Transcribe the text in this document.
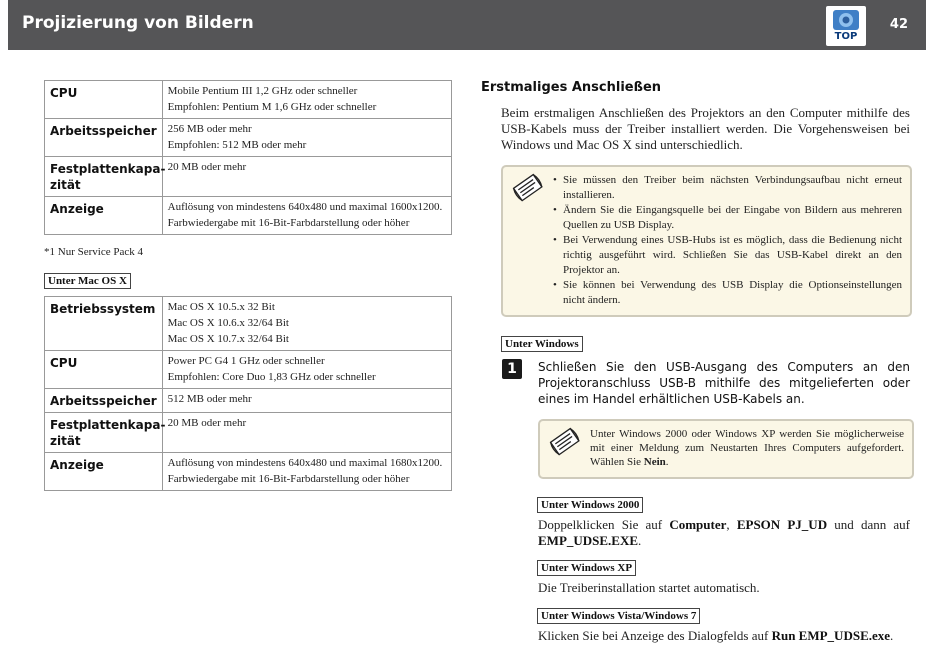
Projizierung von Bildern	42
TOP
CPU	Mobile Pentium III 1,2 GHz oder schneller
Empfohlen: Pentium M 1,6 GHz oder schneller

Arbeitsspeicher	256 MB oder mehr
Empfohlen: 512 MB oder mehr

Festplattenkapa-zität	20 MB oder mehr

Anzeige	Auflösung von mindestens 640x480 und maximal 1600x1200.
Farbwiedergabe mit 16-Bit-Farbdarstellung oder höher
*1 Nur Service Pack 4
Unter Mac OS X
Betriebssystem	Mac OS X 10.5.x 32 Bit
Mac OS X 10.6.x 32/64 Bit
Mac OS X 10.7.x 32/64 Bit

CPU	Power PC G4 1 GHz oder schneller
Empfohlen: Core Duo 1,83 GHz oder schneller

Arbeitsspeicher	512 MB oder mehr

Festplattenkapa-zität	20 MB oder mehr

Anzeige	Auflösung von mindestens 640x480 und maximal 1680x1200.
Farbwiedergabe mit 16-Bit-Farbdarstellung oder höher
Erstmaliges Anschließen
Beim erstmaligen Anschließen des Projektors an den Computer mithilfe des USB-Kabels muss der Treiber installiert werden. Die Vorgehensweisen bei Windows und Mac OS X sind unterschiedlich.
• Sie müssen den Treiber beim nächsten Verbindungsaufbau nicht erneut installieren.
• Ändern Sie die Eingangsquelle bei der Eingabe von Bildern aus mehreren Quellen zu USB Display.
• Bei Verwendung eines USB-Hubs ist es möglich, dass die Bedienung nicht richtig ausgeführt wird. Schließen Sie das USB-Kabel direkt an den Projektor an.
• Sie können bei Verwendung des USB Display die Optionseinstellungen nicht ändern.
Unter Windows
1	Schließen Sie den USB-Ausgang des Computers an den Projektoranschluss USB-B mithilfe des mitgelieferten oder eines im Handel erhältlichen USB-Kabels an.
Unter Windows 2000 oder Windows XP werden Sie möglicherweise mit einer Meldung zum Neustarten Ihres Computers aufgefordert. Wählen Sie Nein.
Unter Windows 2000
Doppelklicken Sie auf Computer, EPSON PJ_UD und dann auf EMP_UDSE.EXE.
Unter Windows XP
Die Treiberinstallation startet automatisch.
Unter Windows Vista/Windows 7
Klicken Sie bei Anzeige des Dialogfelds auf Run EMP_UDSE.exe.
